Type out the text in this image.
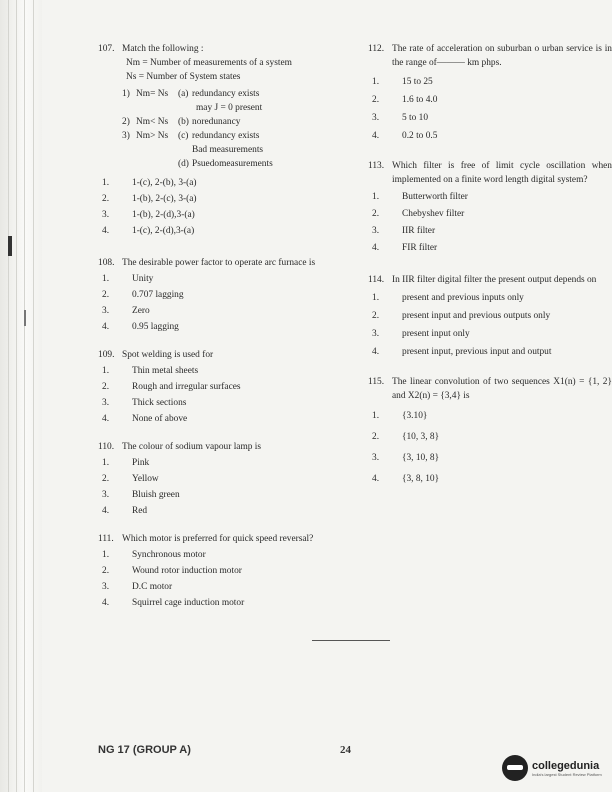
107. Match the following :
Nm = Number of measurements of a system
Ns = Number of System states
1) Nm= Ns	(a) redundancy exists
may J = 0 present
2) Nm< Ns	(b) noredunancy
3) Nm> Ns	(c) redundancy exists
Bad measurements
(d) Psuedomeasurements
1.	1-(c), 2-(b), 3-(a)
2.	1-(b), 2-(c), 3-(a)
3.	1-(b), 2-(d),3-(a)
4.	1-(c), 2-(d),3-(a)
108. The desirable power factor to operate arc furnace is
1.	Unity
2.	0.707 lagging
3.	Zero
4.	0.95 lagging
109. Spot welding is used for
1.	Thin metal sheets
2.	Rough and irregular surfaces
3.	Thick sections
4.	None of above
110. The colour of sodium vapour lamp is
1.	Pink
2.	Yellow
3.	Bluish green
4.	Red
111. Which motor is preferred for quick speed reversal?
1.	Synchronous motor
2.	Wound rotor induction motor
3.	D.C motor
4.	Squirrel cage induction motor
112. The rate of acceleration on suburban o urban service is in the range of——— km phps.
1.	15 to 25
2.	1.6 to 4.0
3.	5 to 10
4.	0.2 to 0.5
113. Which filter is free of limit cycle oscillation when implemented on a finite word length digital system?
1.	Butterworth filter
2.	Chebyshev filter
3.	IIR filter
4.	FIR filter
114. In IIR filter digital filter the present output depends on
1.	present and previous inputs only
2.	present input and previous outputs only
3.	present input only
4.	present input, previous input and output
115. The linear convolution of two sequences X1(n) = {1, 2} and X2(n) = {3,4} is
1.	{3.10}
2.	{10, 3, 8}
3.	{3, 10, 8}
4.	{3, 8, 10}
NG 17 (GROUP A)	24
collegedunia
India's largest Student Review Platform
